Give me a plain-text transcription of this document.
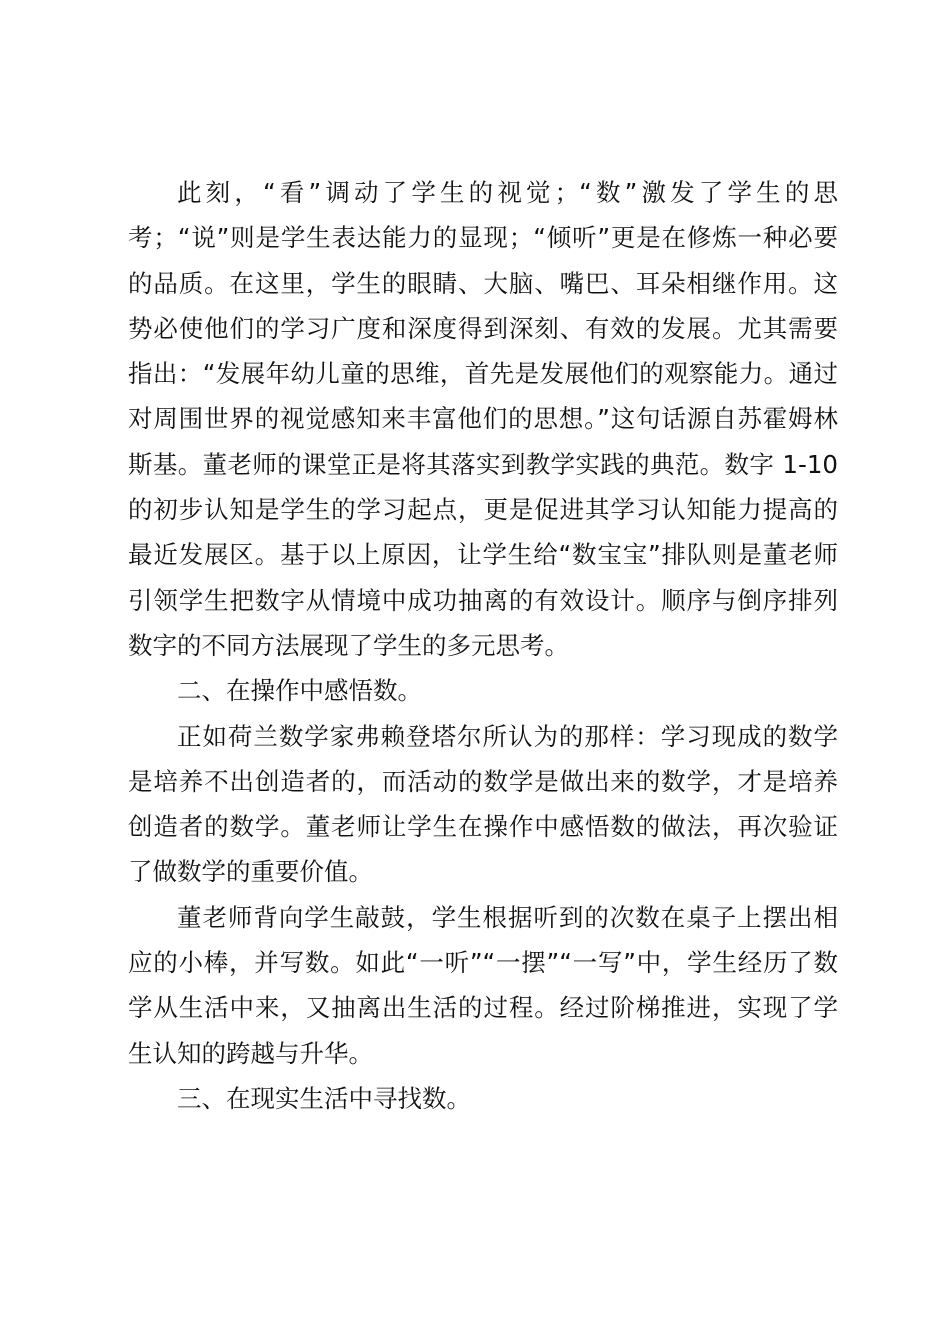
此刻，“看”调动了学生的视觉；“数”激发了学生的思考；“说”则是学生表达能力的显现；“倾听”更是在修炼一种必要的品质。在这里，学生的眼睛、大脑、嘴巴、耳朵相继作用。这势必使他们的学习广度和深度得到深刻、有效的发展。尤其需要指出：“发展年幼儿童的思维，首先是发展他们的观察能力。通过对周围世界的视觉感知来丰富他们的思想。”这句话源自苏霍姆林斯基。董老师的课堂正是将其落实到教学实践的典范。数字 1-10 的初步认知是学生的学习起点，更是促进其学习认知能力提高的最近发展区。基于以上原因，让学生给“数宝宝”排队则是董老师引领学生把数字从情境中成功抽离的有效设计。顺序与倒序排列数字的不同方法展现了学生的多元思考。

二、在操作中感悟数。

正如荷兰数学家弗赖登塔尔所认为的那样：学习现成的数学是培养不出创造者的，而活动的数学是做出来的数学，才是培养创造者的数学。董老师让学生在操作中感悟数的做法，再次验证了做数学的重要价值。

董老师背向学生敲鼓，学生根据听到的次数在桌子上摆出相应的小棒，并写数。如此“一听”“一摆”“一写”中，学生经历了数学从生活中来，又抽离出生活的过程。经过阶梯推进，实现了学生认知的跨越与升华。

三、在现实生活中寻找数。
